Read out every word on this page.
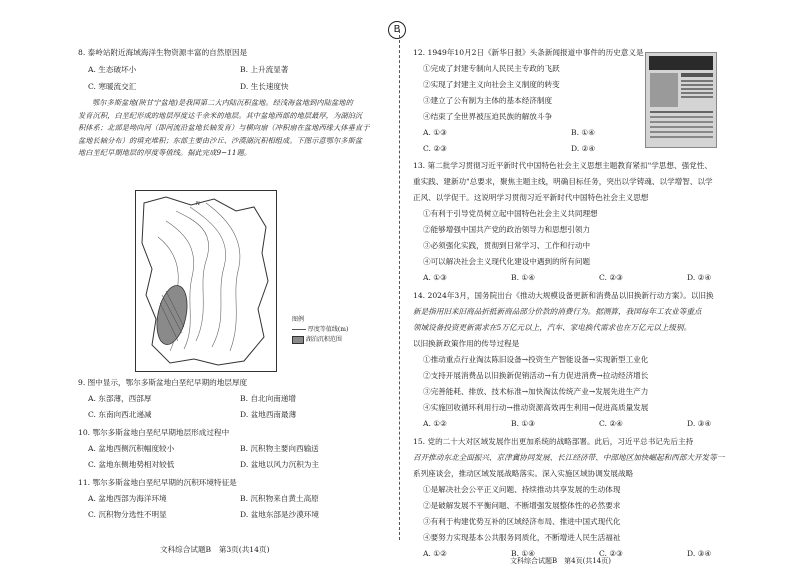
B
8. 泰岭站附近海域海洋生物资源丰富的自然原因是
A. 生态破坏小	B. 上升流显著
C. 寒暖流交汇	D. 生长速度快
鄂尔多斯盆地(陕甘宁盆地)是我国第二大内陆沉积盆地。经浅海盆地到内陆盆地的
发育沉积，白垩纪形成的地层厚度达千余米的地层。其中盆地西部的地层最厚，为湖泊沉
积体系；北部是坳向河（即河流沿盆地长轴发育）与横向扇（冲积扇在盆地西缘大体垂直于
盆地长轴分布）的填充堆积；东部主要由沙丘、沙漠湖沉积相组成。下图示意鄂尔多斯盆
地白垩纪早期地层的厚度等值线。据此完成9~11题。
N
图例
厚度等值线(m)
湖泊沉积范围
9. 图中显示，鄂尔多斯盆地白垩纪早期的地层厚度
A. 东部薄，西部厚	B. 自北向南递增
C. 东南向西北递减	D. 盆地西南最薄
10. 鄂尔多斯盆地白垩纪早期地层形成过程中
A. 盆地西侧沉积幅度较小	B. 沉积物主要向西输送
C. 盆地东侧地势相对较低	D. 盆地以风力沉积为主
11. 鄂尔多斯盆地白垩纪早期的沉积环境特征是
A. 盆地西部为海洋环境	B. 沉积物来自黄土高原
C. 沉积物分选性不明显	D. 盆地东部是沙漠环境
文科综合试题B　第3页(共14页)
12. 1949年10月2日《新华日报》头条新闻报道中事件的历史意义是
①完成了封建专制向人民民主专政的飞跃
②实现了封建主义向社会主义制度的转变
③建立了公有制为主体的基本经济制度
④结束了全世界被压迫民族的解放斗争
A. ①③	B. ①④
C. ②③	D. ②④
13. 第二批学习贯彻习近平新时代中国特色社会主义思想主题教育紧扣"学思想、强党性、
重实践、建新功"总要求，聚焦主题主线，明确目标任务，突出以学铸魂、以学增智、以学
正风、以学促干。这说明学习贯彻习近平新时代中国特色社会主义思想
①有利于引导党员树立起中国特色社会主义共同理想
②能够增强中国共产党的政治领导力和思想引领力
③必须强化实践，贯彻到日常学习、工作和行动中
④可以解决社会主义现代化建设中遇到的所有问题
A. ①③	B. ①④	C. ②③	D. ②④
14. 2024年3月，国务院出台《推动大规模设备更新和消费品以旧换新行动方案》。以旧换
新是指用旧来旧商品折抵新商品部分价款的消费行为。据测算，我国每年工农业等重点
领域设备投资更新需求在5万亿元以上，汽车、家电换代需求也在万亿元以上级别。
以旧换新政策作用的传导过程是
①推动重点行业淘汰陈旧设备→投资生产智能设备→实现新型工业化
②支持开展消费品以旧换新促销活动→有力促进消费→拉动经济增长
③完善能耗、排放、技术标准→加快淘汰传统产业→发展先进生产力
④实施回收循环利用行动→推动资源高效再生利用→促进高质量发展
A. ①②	B. ①③	C. ②④	D. ③④
15. 党的二十大对区域发展作出更加系统的战略部署。此后，习近平总书记先后主持
召开推动东北全面振兴、京津冀协同发展、长江经济带、中部地区加快崛起和西部大开发等一
系列座谈会，推动区域发展战略落实。深入实施区域协调发展战略
①是解决社会公平正义问题、持续推动共享发展的生动体现
②是破解发展不平衡问题、不断增强发展整体性的必然要求
③有利于构建优势互补的区域经济布局、推进中国式现代化
④要努力实现基本公共服务同质化，不断增进人民生活福祉
A. ①②	B. ①④	C. ②③	D. ③④
文科综合试题B　第4页(共14页)
